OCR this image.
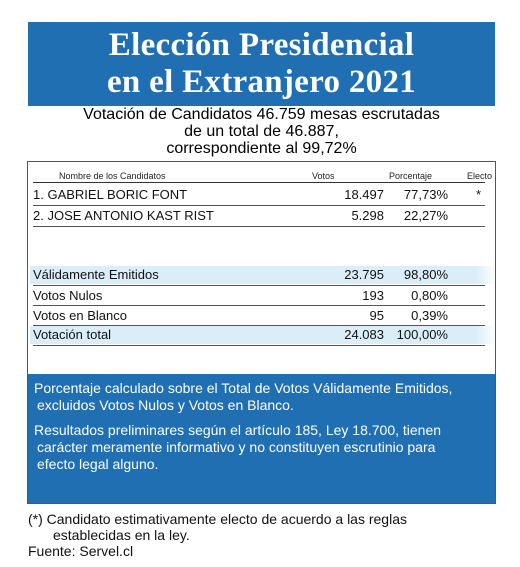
Elección Presidencial
en el Extranjero 2021
Votación de Candidatos 46.759 mesas escrutadas
de un total de 46.887,
correspondiente al 99,72%
Nombre de los Candidatos	Votos	Porcentaje	Electo
1. GABRIEL BORIC FONT	18.497 77,73% *
2. JOSE ANTONIO KAST RIST	5.298 22,27%
Válidamente Emitidos	23.795 98,80%
Votos Nulos	193 0,80%
Votos en Blanco	95 0,39%
Votación total	24.083 100,00%

Porcentaje calculado sobre el Total de Votos Válidamente Emitidos,
excluidos Votos Nulos y Votos en Blanco.

Resultados preliminares según el artículo 185, Ley 18.700, tienen
carácter meramente informativo y no constituyen escrutinio para
efecto legal alguno.

(*) Candidato estimativamente electo de acuerdo a las reglas
establecidas en la ley.
Fuente: Servel.cl
